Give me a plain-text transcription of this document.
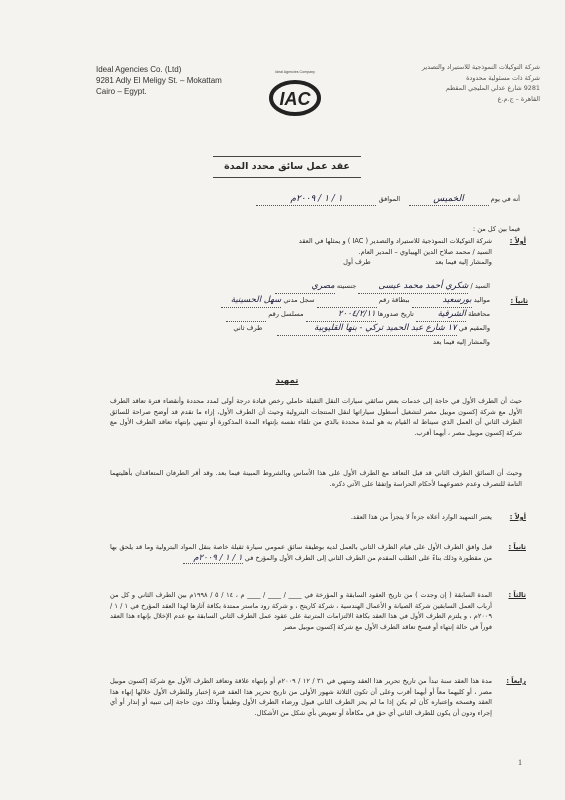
Ideal Agencies Co. (Ltd)
9281 Adly El Meligy St. – Mokattam
Cairo – Egypt.
Ideal Agencies Company
IAC
شركة التوكيلات النموذجية للاستيراد والتصدير
شركة ذات مسئولية محدودة
9281 شارع عدلي المليجي المقطم
القاهرة – ج.م.ع
عقد عمل سائق محدد المدة
أنه في يوم الخميس    الموافق ١ / ١ / ٢٠٠٩م
فيما بين كل من :
أولاً :
شركة التوكيلات النموذجية للاستيراد والتصدير ( IAC ) و يمثلها في العقد
السيد / محمد صلاح الدين الهيباوي – المدير العام.
والمشار إليه فيما بعد  طرف أول
ثانياً :
السيد / شكري أحمد محمد عيسى جنسيته مصري
مواليد بورسعيد ببطاقة رقم   سجل مدني سهل الحسينية
محافظة الشرقية تاريخ صدورها ٢٠٠٤/٢/١١ مسلسل رقم
والمقيم في ١٧ شارع عبد الحميد تركي - بنها القليوبية  طرف ثاني
والمشار إليه فيما بعد
تمهيد
حيث أن الطرف الأول في حاجة إلى خدمات بعض سائقي سيارات النقل الثقيلة حاملي رخص قيادة درجة أولى لمدد محددة وأنقضاء فترة تعاقد الطرف الأول مع شركة إكسون موبيل مصر لتشغيل أسطول سياراتها لنقل المنتجات البترولية وحيث أن الطرف الأول، إزاء ما تقدم قد أوضح صراحة للسائق الطرف الثاني أن العمل الذي سيناط له القيام به هو لمدة محددة بالذي من تلقاء نفسه بإنتهاء المدة المذكورة أو تنتهي بإنتهاء تعاقد الطرف الأول مع شركة إكسون موبيل مصر ، أيهما أقرب.
وحيث أن السائق الطرف الثاني قد قبل التعاقد مع الطرف الأول على هذا الأساس وبالشروط المبينة فيما بعد. وقد أقر الطرفان المتعاقدان بأهليتهما التامة للتصرف وعدم خضوعهما لأحكام الحراسة وإتفقا على الآتي ذكره.
أولاً :
يعتبر التمهيد الوارد أعلاه جزءاً لا يتجزأ من هذا العقد.
ثانياً :
قبل وافق الطرف الأول على قيام الطرف الثاني بالعمل لديه بوظيفة سائق عمومي سيارة ثقيلة خاصة بنقل المواد البترولية وما قد يلحق بها من مقطورة وذلك بناءً على الطلب المقدم من الطرف الثاني إلى الطرف الأول والمؤرخ في ١ / ١ / ٢٠٠٩م
ثالثاً :
المدة السابقة ( إن وجدت ) من تاريخ العقود السابقة و المؤرخة في ____ / ____ / ____ م ، ١٤ / ٥ / ١٩٩٨م بين الطرف الثاني و كل من أرباب العمل السابقين شركة الصيانة و الأعمال الهندسية ، شركة كاريتج ، و شركة رود ماستر ممتدة بكافة آثارها لهذا العقد المؤرخ في ١ / ١ / ٢٠٠٩م ، و يلتزم الطرف الأول في هذا العقد بكافة الالتزامات المترتبة على عقود عمل الطرف الثاني السابقة مع عدم الإخلال بإنهاء هذا العقد فوراً في حالة إنتهاء أو فسخ تعاقد الطرف الأول مع شركة إكسون موبيل مصر
رابعاً :
مدة هذا العقد سنة تبدأ من تاريخ تحرير هذا العقد وتنتهي في ٣١ / ١٢ / ٢٠٠٩م أو بإنتهاء علاقة وتعاقد الطرف الأول مع شركة إكسون موبيل مصر ، أو كليهما معاً أو أيهما أقرب وعلى أن تكون الثلاثة شهور الأولى من تاريخ تحرير هذا العقد فترة إختبار وللطرف الأول خلالها إنهاء هذا العقد وفسخه وإعتباره كأن لم يكن إذا ما لم يحز الطرف الثاني قبول ورضاء الطرف الأول وظيفياً وذلك دون حاجة إلى تنبيه أو إنذار أو أي إجراء ودون أن يكون للطرف الثاني أي حق في مكافأة أو تعويض بأي شكل من الأشكال.
1
